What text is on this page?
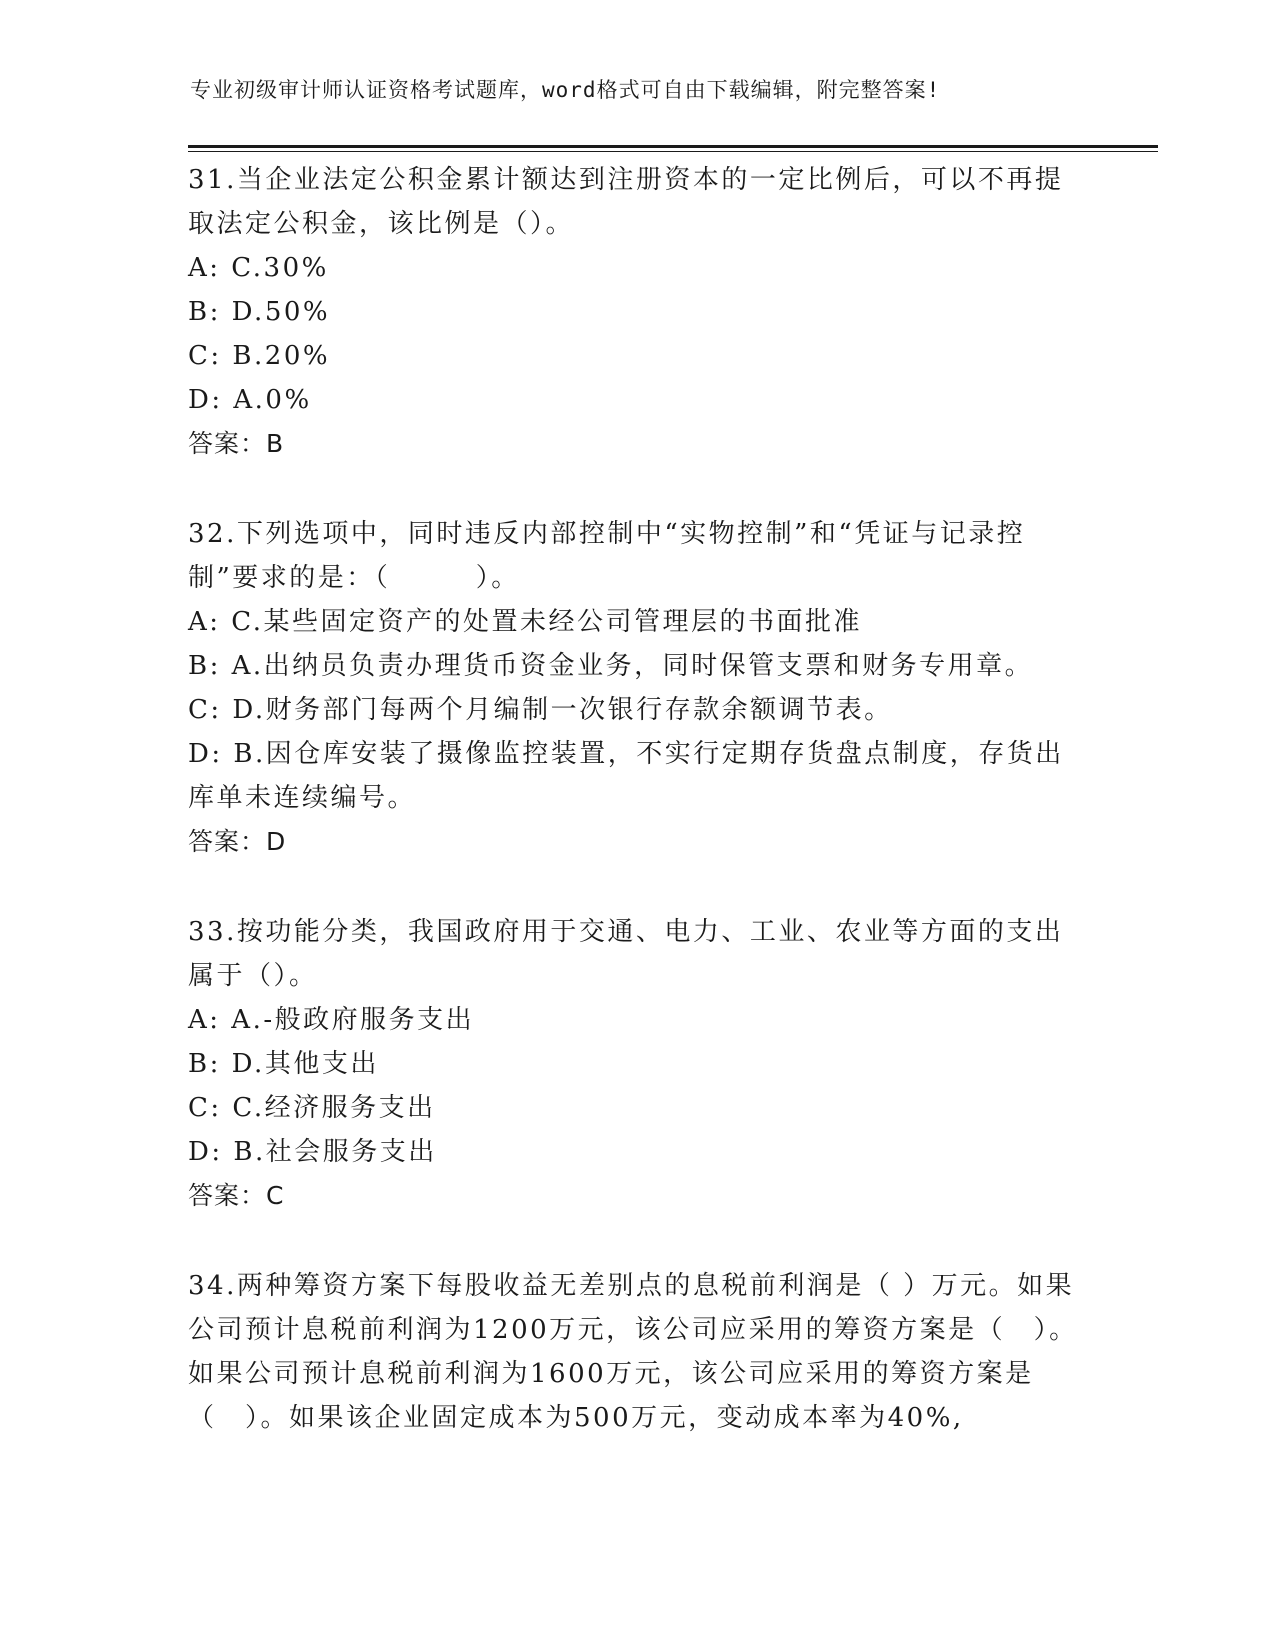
专业初级审计师认证资格考试题库，word格式可自由下载编辑，附完整答案!

31.当企业法定公积金累计额达到注册资本的一定比例后，可以不再提取法定公积金，该比例是（）。

A: C.30%

B: D.50%

C: B.20%

D: A.0%

答案：B

32.下列选项中，同时违反内部控制中“实物控制”和“凭证与记录控制”要求的是：（　　　）。

A: C.某些固定资产的处置未经公司管理层的书面批准

B: A.出纳员负责办理货币资金业务，同时保管支票和财务专用章。

C: D.财务部门每两个月编制一次银行存款余额调节表。

D: B.因仓库安装了摄像监控装置，不实行定期存货盘点制度，存货出库单未连续编号。

答案：D

33.按功能分类，我国政府用于交通、电力、工业、农业等方面的支出属于（）。

A: A.-般政府服务支出

B: D.其他支出

C: C.经济服务支出

D: B.社会服务支出

答案：C

34.两种筹资方案下每股收益无差别点的息税前利润是（ ）万元。如果公司预计息税前利润为1200万元，该公司应采用的筹资方案是（　）。如果公司预计息税前利润为1600万元，该公司应采用的筹资方案是（　）。如果该企业固定成本为500万元，变动成本率为40%,
